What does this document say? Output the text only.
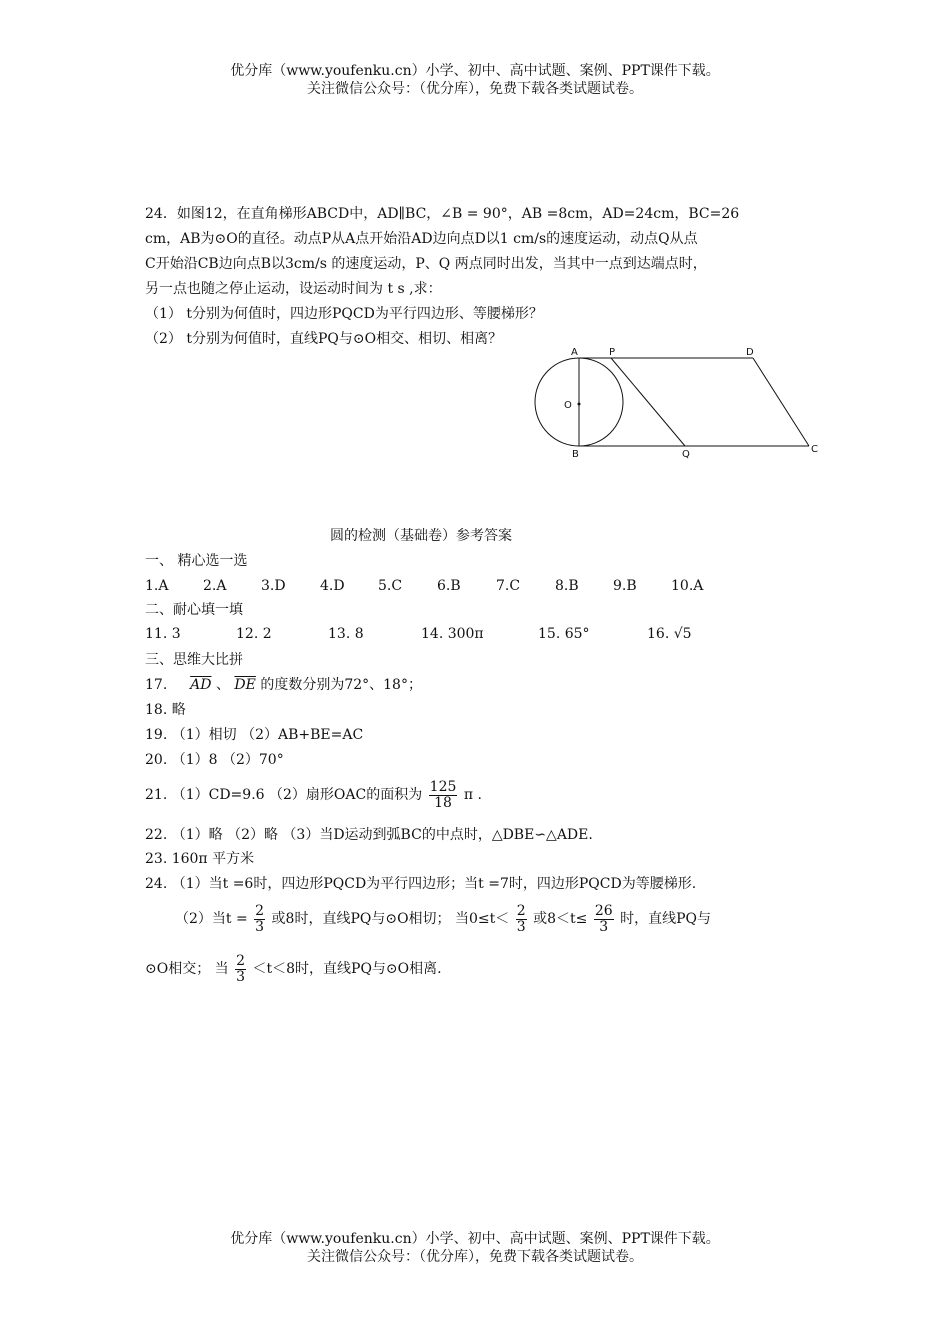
优分库（www.youfenku.cn）小学、初中、高中试题、案例、PPT课件下载。
关注微信公众号：（优分库），免费下载各类试题试卷。
24．如图12，在直角梯形ABCD中，AD∥BC，∠B = 90°，AB =8cm，AD=24cm，BC=26
cm，AB为⊙O的直径。动点P从A点开始沿AD边向点D以1 cm/s的速度运动，动点Q从点
C开始沿CB边向点B以3cm/s 的速度运动，P、Q 两点同时出发，当其中一点到达端点时，
另一点也随之停止运动，设运动时间为 t s ,求：
（1） t分别为何值时，四边形PQCD为平行四边形、等腰梯形？
（2） t分别为何值时，直线PQ与⊙O相交、相切、相离？
A	P	D
O
B	Q	C
圆的检测（基础卷）参考答案
一、 精心选一选
1.A 2.A 3.D 4.D 5.C 6.B	7.C 8.B 9.B 10.A
二、耐心填一填
11. 3	12. 2	13. 8	14. 300π	15. 65°	16. √5
三、思维大比拼
17. $\overline{AD}$ 、 $\overline{DE}$ 的度数分别为72°、18°；
18. 略
19. （1）相切 （2）AB+BE=AC
20. （1）8 （2）70°
21. （1）CD=9.6 （2）扇形OAC的面积为 $\frac{125}{18}$ π .
22. （1）略 （2）略 （3）当D运动到弧BC的中点时，△DBE∽△ADE.
23. 160π 平方米
24. （1）当t =6时，四边形PQCD为平行四边形；当t =7时，四边形PQCD为等腰梯形.
（2）当$t = \frac{2}{3}$ 或8时，直线PQ与⊙O相切； 当$0\le t< \frac{2}{3}$ 或$8<t\le \frac{26}{3}$ 时，直线PQ与
⊙O相交； 当 $\frac{2}{3} <t<8$时，直线PQ与⊙O相离.
优分库（www.youfenku.cn）小学、初中、高中试题、案例、PPT课件下载。
关注微信公众号：（优分库），免费下载各类试题试卷。
